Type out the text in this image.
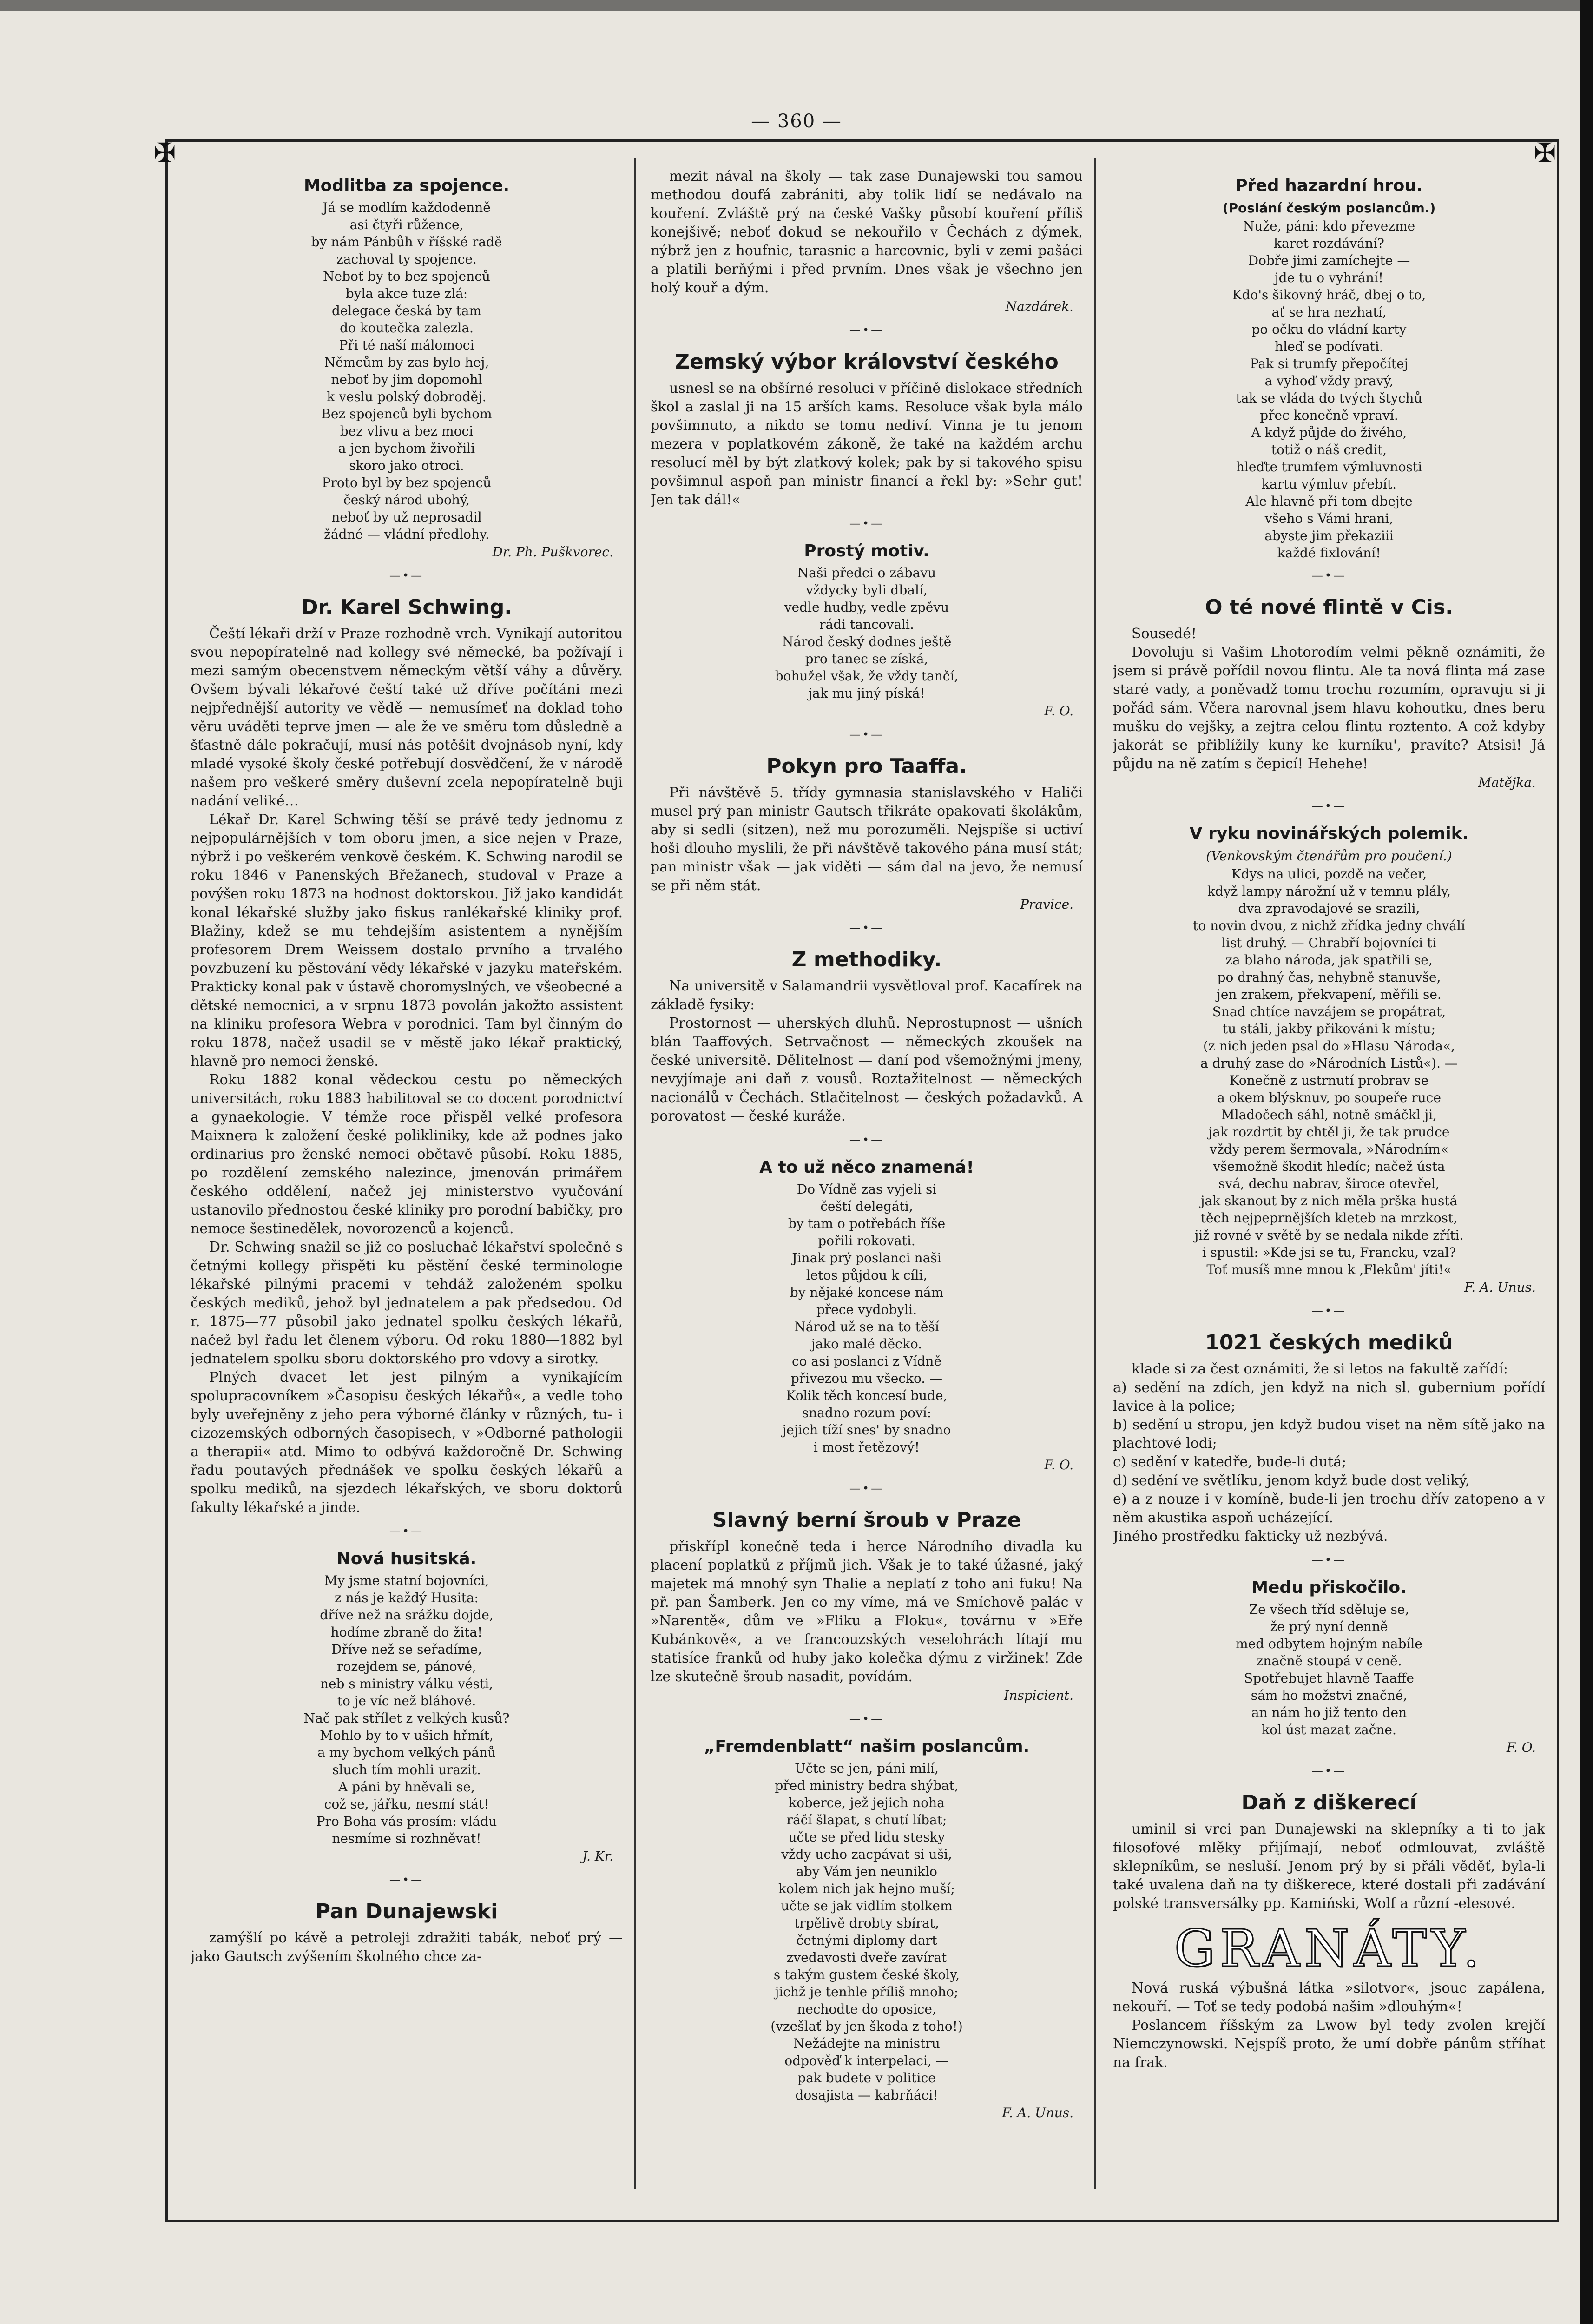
— 360 —
✠	✠
Modlitba za spojence.
Já se modlím každodenně
asi čtyři růžence,
by nám Pánbůh v říšské radě
zachoval ty spojence.
Neboť by to bez spojenců
byla akce tuze zlá:
delegace česká by tam
do koutečka zalezla.
Při té naší málomoci
Němcům by zas bylo hej,
neboť by jim dopomohl
k veslu polský dobroděj.
Bez spojenců byli bychom
bez vlivu a bez moci
a jen bychom živořili
skoro jako otroci.
Proto byl by bez spojenců
český národ ubohý,
neboť by už neprosadil
žádné — vládní předlohy.
Dr. Ph. Puškvorec.
—•—
Dr. Karel Schwing.
Čeští lékaři drží v Praze rozhodně vrch. Vynikají autoritou svou nepopíratelně nad kollegy své německé, ba požívají i mezi samým obecenstvem německým větší váhy a důvěry. Ovšem bývali lékařové čeští také už dříve počítáni mezi nejpřednější autority ve vědě — nemusímeť na doklad toho věru uváděti teprve jmen — ale že ve směru tom důsledně a šťastně dále pokračují, musí nás potěšit dvojnásob nyní, kdy mladé vysoké školy české potřebují dosvědčení, že v národě našem pro veškeré směry duševní zcela nepopíratelně buji nadání veliké…
Lékař Dr. Karel Schwing těší se právě tedy jednomu z nejpopulárnějších v tom oboru jmen, a sice nejen v Praze, nýbrž i po veškerém venkově českém. K. Schwing narodil se roku 1846 v Panenských Břežanech, studoval v Praze a povýšen roku 1873 na hodnost doktorskou. Již jako kandidát konal lékařské služby jako fiskus ranlékařské kliniky prof. Blažiny, kdež se mu tehdejším asistentem a nynějším profesorem Drem Weissem dostalo prvního a trvalého povzbuzení ku pěstování vědy lékařské v jazyku mateřském. Prakticky konal pak v ústavě choromyslných, ve všeobecné a dětské nemocnici, a v srpnu 1873 povolán jakožto assistent na kliniku profesora Webra v porodnici. Tam byl činným do roku 1878, načež usadil se v městě jako lékař praktický, hlavně pro nemoci ženské.
Roku 1882 konal vědeckou cestu po německých universitách, roku 1883 habilitoval se co docent porodnictví a gynaekologie. V témže roce přispěl velké profesora Maixnera k založení české polikliniky, kde až podnes jako ordinarius pro ženské nemoci obětavě působí. Roku 1885, po rozdělení zemského nalezince, jmenován primářem českého oddělení, načež jej ministerstvo vyučování ustanovilo přednostou české kliniky pro porodní babičky, pro nemoce šestinedělek, novorozenců a kojenců.
Dr. Schwing snažil se již co posluchač lékařství společně s četnými kollegy přispěti ku pěstění české terminologie lékařské pilnými pracemi v tehdáž založeném spolku českých mediků, jehož byl jednatelem a pak předsedou. Od r. 1875—77 působil jako jednatel spolku českých lékařů, načež byl řadu let členem výboru. Od roku 1880—1882 byl jednatelem spolku sboru doktorského pro vdovy a sirotky.
Plných dvacet let jest pilným a vynikajícím spolupracovníkem »Časopisu českých lékařů«, a vedle toho byly uveřejněny z jeho pera výborné články v různých, tu- i cizozemských odborných časopisech, v »Odborné pathologii a therapii« atd. Mimo to odbývá každoročně Dr. Schwing řadu poutavých přednášek ve spolku českých lékařů a spolku mediků, na sjezdech lékařských, ve sboru doktorů fakulty lékařské a jinde.
—•—
Nová husitská.
My jsme statní bojovníci,
z nás je každý Husita:
dříve než na srážku dojde,
hodíme zbraně do žita!
Dříve než se seřadíme,
rozejdem se, pánové,
neb s ministry válku vésti,
to je víc než bláhové.
Nač pak střílet z velkých kusů?
Mohlo by to v ušich hřmít,
a my bychom velkých pánů
sluch tím mohli urazit.
A páni by hněvali se,
což se, jářku, nesmí stát!
Pro Boha vás prosím: vládu
nesmíme si rozhněvat!
J. Kr.
—•—
Pan Dunajewski
zamýšlí po kávě a petroleji zdražiti tabák, neboť prý — jako Gautsch zvýšením školného chce za-
mezit nával na školy — tak zase Dunajewski tou samou methodou doufá zabrániti, aby tolik lidí se nedávalo na kouření. Zvláště prý na české Vašky působí kouření příliš konejšivě; neboť dokud se nekouřilo v Čechách z dýmek, nýbrž jen z houfnic, tarasnic a harcovnic, byli v zemi pašáci a platili berňými i před prvním. Dnes však je všechno jen holý kouř a dým.
Nazdárek.
—•—
Zemský výbor království českého
usnesl se na obšírné resoluci v příčině dislokace středních škol a zaslal ji na 15 arších kams. Resoluce však byla málo povšimnuto, a nikdo se tomu nediví. Vinna je tu jenom mezera v poplatkovém zákoně, že také na každém archu resolucí měl by být zlatkový kolek; pak by si takového spisu povšimnul aspoň pan ministr financí a řekl by: »Sehr gut! Jen tak dál!«
—•—
Prostý motiv.
Naši předci o zábavu
vždycky byli dbalí,
vedle hudby, vedle zpěvu
rádi tancovali.
Národ český dodnes ještě
pro tanec se získá,
bohužel však, že vždy tančí,
jak mu jiný píská!
F. O.
—•—
Pokyn pro Taaffa.
Při návštěvě 5. třídy gymnasia stanislavského v Haliči musel prý pan ministr Gautsch třikráte opakovati školákům, aby si sedli (sitzen), než mu porozuměli. Nejspíše si uctiví hoši dlouho myslili, že při návštěvě takového pána musí stát; pan ministr však — jak viděti — sám dal na jevo, že nemusí se při něm stát.
Pravice.
—•—
Z methodiky.
Na universitě v Salamandrii vysvětloval prof. Kacafírek na základě fysiky:
Prostornost — uherských dluhů. Neprostupnost — ušních blán Taaffových. Setrvačnost — německých zkoušek na české universitě. Dělitelnost — daní pod všemožnými jmeny, nevyjímaje ani daň z vousů. Roztažitelnost — německých nacionálů v Čechách. Stlačitelnost — českých požadavků. A porovatost — české kuráže.
—•—
A to už něco znamená!
Do Vídně zas vyjeli si
čeští delegáti,
by tam o potřebách říše
pořili rokovati.
Jinak prý poslanci naši
letos půjdou k cíli,
by nějaké koncese nám
přece vydobyli.
Národ už se na to těší
jako malé děcko.
co asi poslanci z Vídně
přivezou mu všecko. —
Kolik těch koncesí bude,
snadno rozum poví:
jejich tíží snes' by snadno
i most řetězový!
F. O.
—•—
Slavný berní šroub v Praze
přiskřípl konečně teda i herce Národního divadla ku placení poplatků z příjmů jich. Však je to také úžasné, jaký majetek má mnohý syn Thalie a neplatí z toho ani fuku! Na př. pan Šamberk. Jen co my víme, má ve Smíchově palác v »Narentě«, dům ve »Fliku a Floku«, továrnu v »Eře Kubánkově«, a ve francouzských veselohrách lítají mu statisíce franků od huby jako kolečka dýmu z viržinek! Zde lze skutečně šroub nasadit, povídám.
Inspicient.
—•—
„Fremdenblatt“ našim poslancům.
Učte se jen, páni milí,
před ministry bedra shýbat,
koberce, jež jejich noha
ráčí šlapat, s chutí líbat;
učte se před lidu stesky
vždy ucho zacpávat si uši,
aby Vám jen neuniklo
kolem nich jak hejno muší;
učte se jak vidlím stolkem
trpělivě drobty sbírat,
četnými diplomy dart
zvedavosti dveře zavírat
s takým gustem české školy,
jichž je tenhle příliš mnoho;
nechodte do oposice,
(vzešlať by jen škoda z toho!)
Nežádejte na ministru
odpověď k interpelaci, —
pak budete v politice
dosajista — kabrňáci!
F. A. Unus.
Před hazardní hrou.
(Poslání českým poslancům.)
Nuže, páni: kdo převezme
karet rozdávání?
Dobře jimi zamíchejte —
jde tu o vyhrání!
Kdo's šikovný hráč, dbej o to,
ať se hra nezhatí,
po očku do vládní karty
hleď se podívati.
Pak si trumfy přepočítej
a vyhoď vždy pravý,
tak se vláda do tvých štychů
přec konečně vpraví.
A když půjde do živého,
totiž o náš credit,
hleďte trumfem výmluvnosti
kartu výmluv přebít.
Ale hlavně při tom dbejte
všeho s Vámi hrani,
abyste jim překaziii
každé fixlování!
—•—
O té nové flintě v Cis.
Sousedé!
Dovoluju si Vašim Lhotorodím velmi pěkně oznámiti, že jsem si právě pořídil novou flintu. Ale ta nová flinta má zase staré vady, a poněvadž tomu trochu rozumím, opravuju si ji pořád sám. Včera narovnal jsem hlavu kohoutku, dnes beru mušku do vejšky, a zejtra celou flintu roztento. A což kdyby jakorát se přiblížily kuny ke kurníku', pravíte? Atsisi! Já půjdu na ně zatím s čepicí! Hehehe!
Matějka.
—•—
V ryku novinářských polemik.
(Venkovským čtenářům pro poučení.)
Kdys na ulici, pozdě na večer,
když lampy nárožní už v temnu plály,
dva zpravodajové se srazili,
to novin dvou, z nichž zřídka jedny chválí
list druhý. — Chrabří bojovníci ti
za blaho národa, jak spatřili se,
po drahný čas, nehybně stanuvše,
jen zrakem, překvapení, měřili se.
Snad chtíce navzájem se propátrat,
tu stáli, jakby přikováni k místu;
(z nich jeden psal do »Hlasu Národa«,
a druhý zase do »Národních Listů«). —
Konečně z ustrnutí probrav se
a okem blýsknuv, po soupeře ruce
Mladočech sáhl, notně smáčkl ji,
jak rozdrtit by chtěl ji, že tak prudce
vždy perem šermovala, »Národním«
všemožně škodit hledíc; načež ústa
svá, dechu nabrav, široce otevřel,
jak skanout by z nich měla prška hustá
těch nejpeprnějších kleteb na mrzkost,
již rovné v světě by se nedala nikde zříti.
i spustil: »Kde jsi se tu, Francku, vzal?
Toť musíš mne mnou k ,Flekům' jíti!«
F. A. Unus.
—•—
1021 českých mediků
klade si za čest oznámiti, že si letos na fakultě zařídí:
a) sedění na zdích, jen když na nich sl. gubernium pořídí lavice à la police;
b) sedění u stropu, jen když budou viset na něm sítě jako na plachtové lodi;
c) sedění v katedře, bude-li dutá;
d) sedění ve světlíku, jenom když bude dost veliký,
e) a z nouze i v komíně, bude-li jen trochu dřív zatopeno a v něm akustika aspoň ucházející.
Jiného prostředku fakticky už nezbývá.
—•—
Medu přiskočilo.
Ze všech tříd sděluje se,
že prý nyní denně
med odbytem hojným nabíle
značně stoupá v ceně.
Spotřebujet hlavně Taaffe
sám ho možstvi značné,
an nám ho již tento den
kol úst mazat začne.
F. O.
—•—
Daň z diškerecí
uminil si vrci pan Dunajewski na sklepníky a ti to jak filosofové mlěky přijímají, neboť odmlouvat, zvláště sklepníkům, se nesluší. Jenom prý by si přáli věděť, byla-li také uvalena daň na ty diškerece, které dostali při zadávání polské transversálky pp. Kamiński, Wolf a různí -elesové.
GRANÁTY.
Nová ruská výbušná látka »silotvor«, jsouc zapálena, nekouří. — Toť se tedy podobá našim »dlouhým«!
Poslancem říšským za Lwow byl tedy zvolen krejčí Niemczynowski. Nejspíš proto, že umí dobře pánům stříhat na frak.
